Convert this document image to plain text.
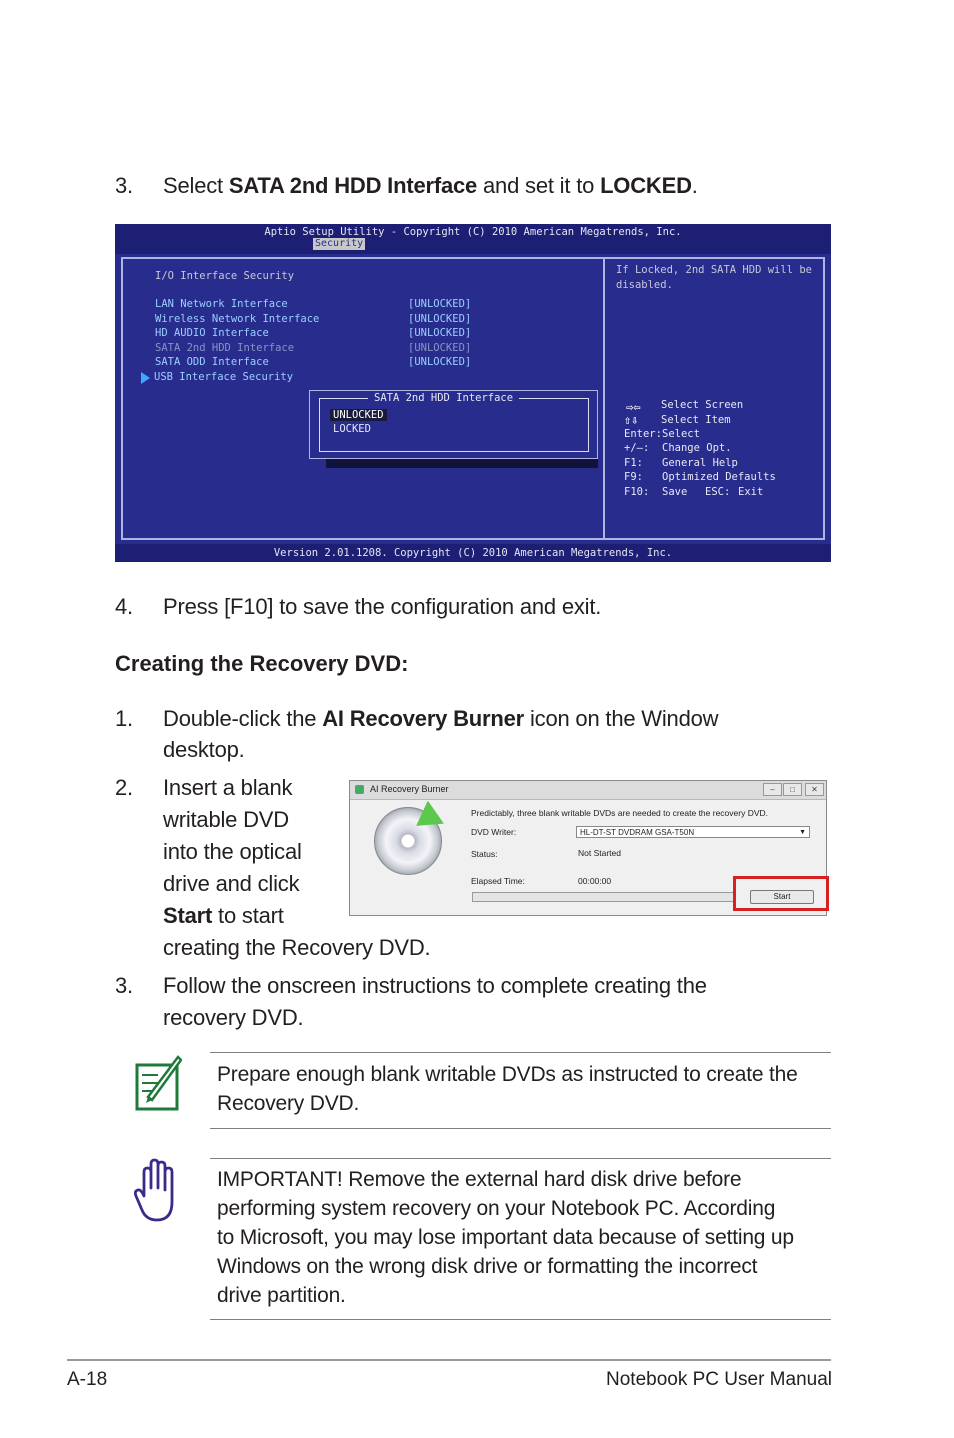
3. Select SATA 2nd HDD Interface and set it to LOCKED.
Aptio Setup Utility - Copyright (C) 2010 American Megatrends, Inc.
Security
I/O Interface Security
LAN Network Interface	[UNLOCKED]
Wireless Network Interface	[UNLOCKED]
HD AUDIO Interface	[UNLOCKED]
SATA 2nd HDD Interface	[UNLOCKED]
SATA ODD Interface	[UNLOCKED]
USB Interface Security
If Locked, 2nd SATA HDD will be
disabled.
SATA 2nd HDD Interface
UNLOCKED
LOCKED
⇨⇦ Select Screen
⇧⇩ Select Item
Enter: Select
+/—: Change Opt.
F1: General Help
F9: Optimized Defaults
F10: Save ESC: Exit
Version 2.01.1208. Copyright (C) 2010 American Megatrends, Inc.
4. Press [F10] to save the configuration and exit.
Creating the Recovery DVD:
1. Double-click the AI Recovery Burner icon on the Window
desktop.
2. Insert a blank
writable DVD
into the optical
drive and click
Start to start
creating the Recovery DVD.
AI Recovery Burner	–	□	✕
Predictably, three blank writable DVDs are needed to create the recovery DVD.
DVD Writer:	HL-DT-ST DVDRAM GSA-T50N	▼
Status:	Not Started
Elapsed Time:	00:00:00
Start
3. Follow the onscreen instructions to complete creating the
recovery DVD.
Prepare enough blank writable DVDs as instructed to create the
Recovery DVD.
IMPORTANT! Remove the external hard disk drive before
performing system recovery on your Notebook PC. According
to Microsoft, you may lose important data because of setting up
Windows on the wrong disk drive or formatting the incorrect
drive partition.
A-18	Notebook PC User Manual
